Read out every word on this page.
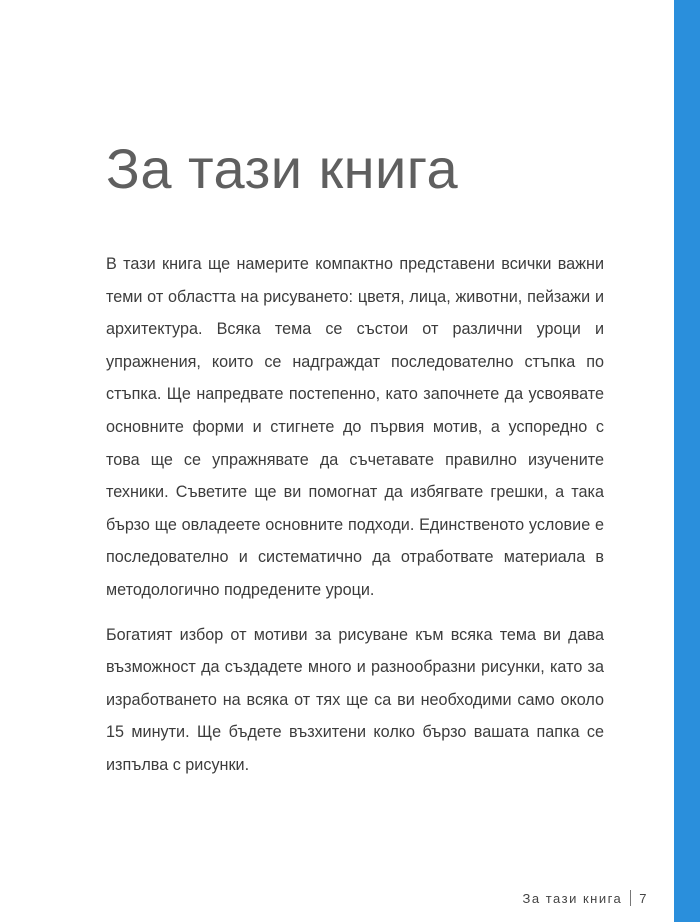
За тази книга

В тази книга ще намерите компактно представени всички важни теми от областта на рисуването: цветя, лица, животни, пейзажи и архитектура. Всяка тема се състои от различни уроци и упражнения, които се надграждат последователно стъпка по стъпка. Ще напредвате постепенно, като започнете да усвоявате основните форми и стигнете до първия мотив, а успоредно с това ще се упражнявате да съчетавате правилно изучените техники. Съветите ще ви помогнат да избягвате грешки, а така бързо ще овладеете основните подходи. Единственото условие е последователно и систематично да отработвате материала в методологично подредените уроци.

Богатият избор от мотиви за рисуване към всяка тема ви дава възможност да създадете много и разнообразни рисунки, като за изработването на всяка от тях ще са ви необходими само около 15 минути. Ще бъдете възхитени колко бързо вашата папка се изпълва с рисунки.

За тази книга 7
